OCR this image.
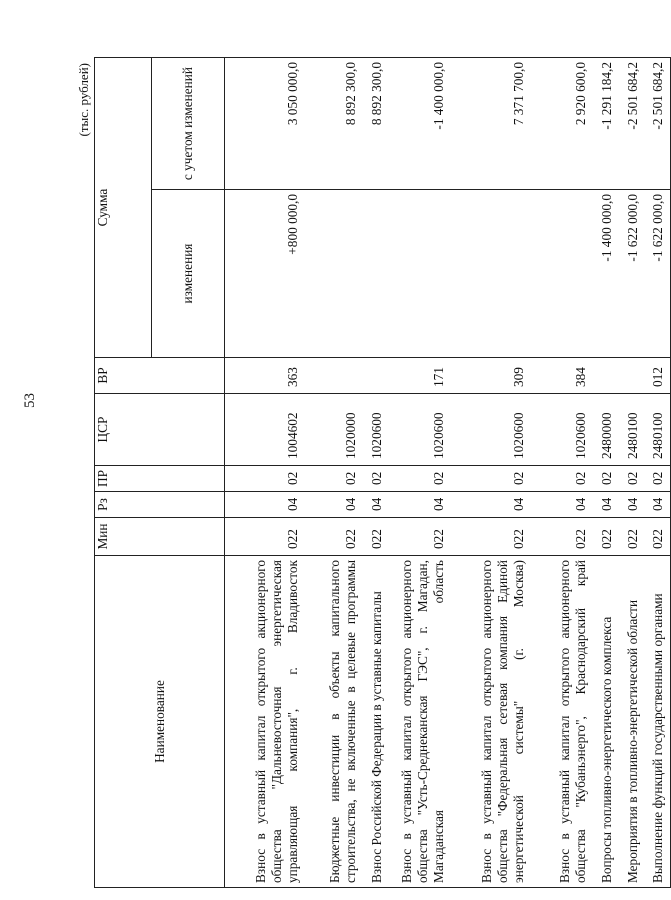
53
(тыс. рублей)
Наименование	Мин	Рз	ПР	ЦСР	ВР	Сумма	
						изменения	с учетом изменений
Взнос в уставный капитал открытого акционерного общества "Дальневосточная энергетическая управляющая компания", г. Владивосток	022	04	02	1004602	363	+800 000,0	3 050 000,0
Бюджетные инвестиции в объекты капитального строительства, не включенные в целевые программы	022	04	02	1020000			8 892 300,0
Взнос Российской Федерации в уставные капиталы	022	04	02	1020600			8 892 300,0
Взнос в уставный капитал открытого акционерного общества "Усть-Среднеканская ГЭС", г. Магадан, Магаданская область	022	04	02	1020600	171		-1 400 000,0
Взнос в уставный капитал открытого акционерного общества "Федеральная сетевая компания Единой энергетической системы" (г. Москва)	022	04	02	1020600	309		7 371 700,0
Взнос в уставный капитал открытого акционерного общества "Кубаньэнерго", Краснодарский край	022	04	02	1020600	384		2 920 600,0
Вопросы топливно-энергетического комплекса	022	04	02	2480000		-1 400 000,0	-1 291 184,2
Мероприятия в топливно-энергетической области	022	04	02	2480100		-1 622 000,0	-2 501 684,2
Выполнение функций государственными органами	022	04	02	2480100	012	-1 622 000,0	-2 501 684,2
